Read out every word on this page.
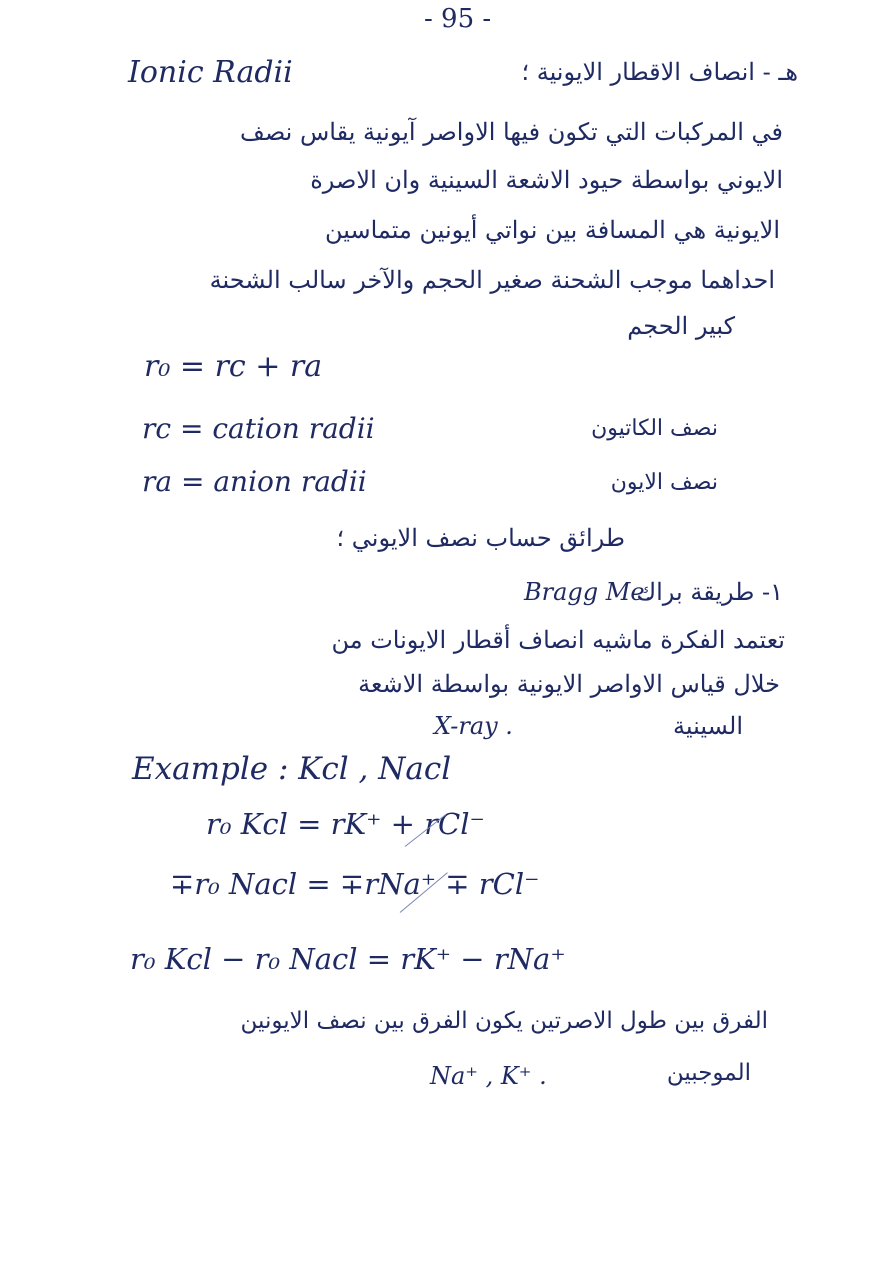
- 95 -
Ionic Radii	هـ - انصاف الاقطار الايونية ؛
في المركبات التي تكون فيها الاواصر آيونية يقاس نصف
الايوني بواسطة حيود الاشعة السينية وان الاصرة
الايونية هي المسافة بين نواتي أيونين متماسين
احداهما موجب الشحنة صغير الحجم والآخر سالب الشحنة
كبير الحجم
r₀ = rc + ra
rc = cation radii	نصف الكاتيون
ra = anion radii	نصف الايون
طرائق حساب نصف الايوني ؛
١- طريقة براك
Bragg Me.
تعتمد الفكرة ماشيه انصاف أقطار الايونات من
خلال قياس الاواصر الايونية بواسطة الاشعة
السينية
X-ray .
Example : Kcl , Nacl
r₀ Kcl = rK⁺ + rCl⁻
∓r₀ Nacl = ∓rNa⁺ ∓ rCl⁻
r₀ Kcl − r₀ Nacl = rK⁺ − rNa⁺
الفرق بين طول الاصرتين يكون الفرق بين نصف الايونين
الموجبين
Na⁺ , K⁺ .
